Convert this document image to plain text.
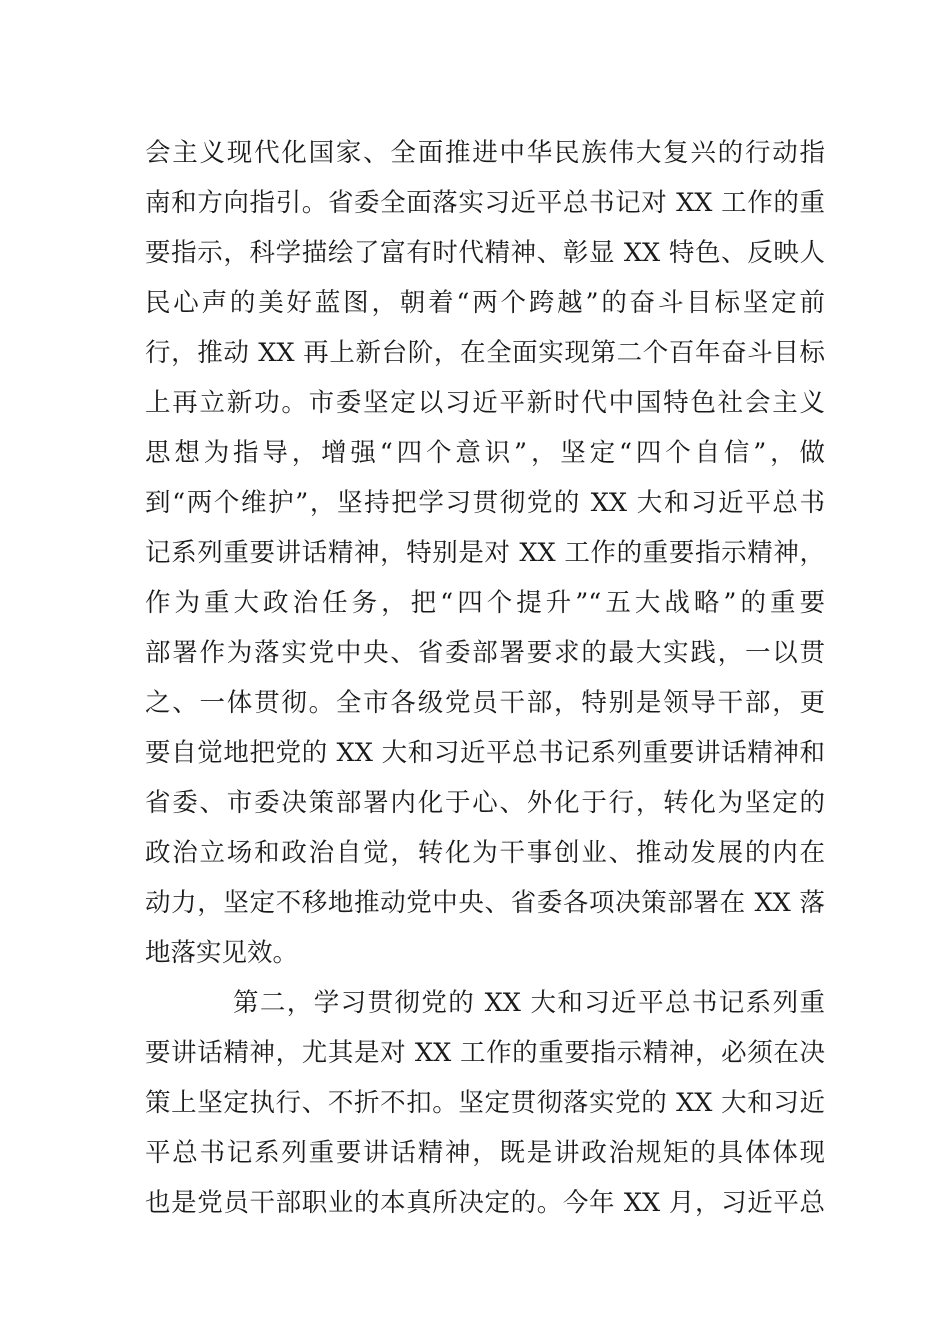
会主义现代化国家、全面推进中华民族伟大复兴的行动指
南和方向指引。省委全面落实习近平总书记对 XX 工作的重
要指示，科学描绘了富有时代精神、彰显 XX 特色、反映人
民心声的美好蓝图，朝着“两个跨越”的奋斗目标坚定前
行，推动 XX 再上新台阶，在全面实现第二个百年奋斗目标
上再立新功。市委坚定以习近平新时代中国特色社会主义
思想为指导，增强“四个意识”，坚定“四个自信”，做
到“两个维护”，坚持把学习贯彻党的 XX 大和习近平总书
记系列重要讲话精神，特别是对 XX 工作的重要指示精神，
作为重大政治任务，把“四个提升”“五大战略”的重要
部署作为落实党中央、省委部署要求的最大实践，一以贯
之、一体贯彻。全市各级党员干部，特别是领导干部，更
要自觉地把党的 XX 大和习近平总书记系列重要讲话精神和
省委、市委决策部署内化于心、外化于行，转化为坚定的
政治立场和政治自觉，转化为干事创业、推动发展的内在
动力，坚定不移地推动党中央、省委各项决策部署在 XX 落
地落实见效。
第二，学习贯彻党的 XX 大和习近平总书记系列重
要讲话精神，尤其是对 XX 工作的重要指示精神，必须在决
策上坚定执行、不折不扣。坚定贯彻落实党的 XX 大和习近
平总书记系列重要讲话精神，既是讲政治规矩的具体体现
也是党员干部职业的本真所决定的。今年 XX 月，习近平总
